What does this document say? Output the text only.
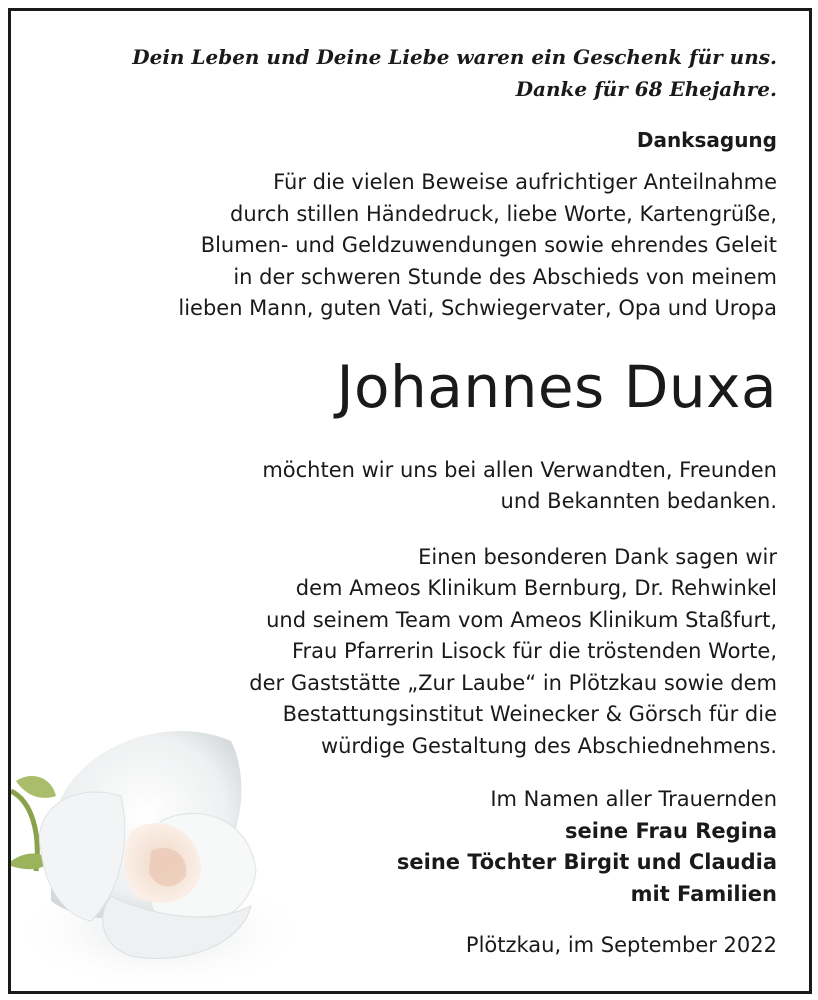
Dein Leben und Deine Liebe waren ein Geschenk für uns.
Danke für 68 Ehejahre.

Danksagung
Für die vielen Beweise aufrichtiger Anteilnahme
durch stillen Händedruck, liebe Worte, Kartengrüße,
Blumen- und Geldzuwendungen sowie ehrendes Geleit
in der schweren Stunde des Abschieds von meinem
lieben Mann, guten Vati, Schwiegervater, Opa und Uropa
Johannes Duxa
möchten wir uns bei allen Verwandten, Freunden
und Bekannten bedanken.
Einen besonderen Dank sagen wir
dem Ameos Klinikum Bernburg, Dr. Rehwinkel
und seinem Team vom Ameos Klinikum Staßfurt,
Frau Pfarrerin Lisock für die tröstenden Worte,
der Gaststätte „Zur Laube“ in Plötzkau sowie dem
Bestattungsinstitut Weinecker & Görsch für die
würdige Gestaltung des Abschiednehmens.
Im Namen aller Trauernden
seine Frau Regina
seine Töchter Birgit und Claudia
mit Familien
Plötzkau, im September 2022
